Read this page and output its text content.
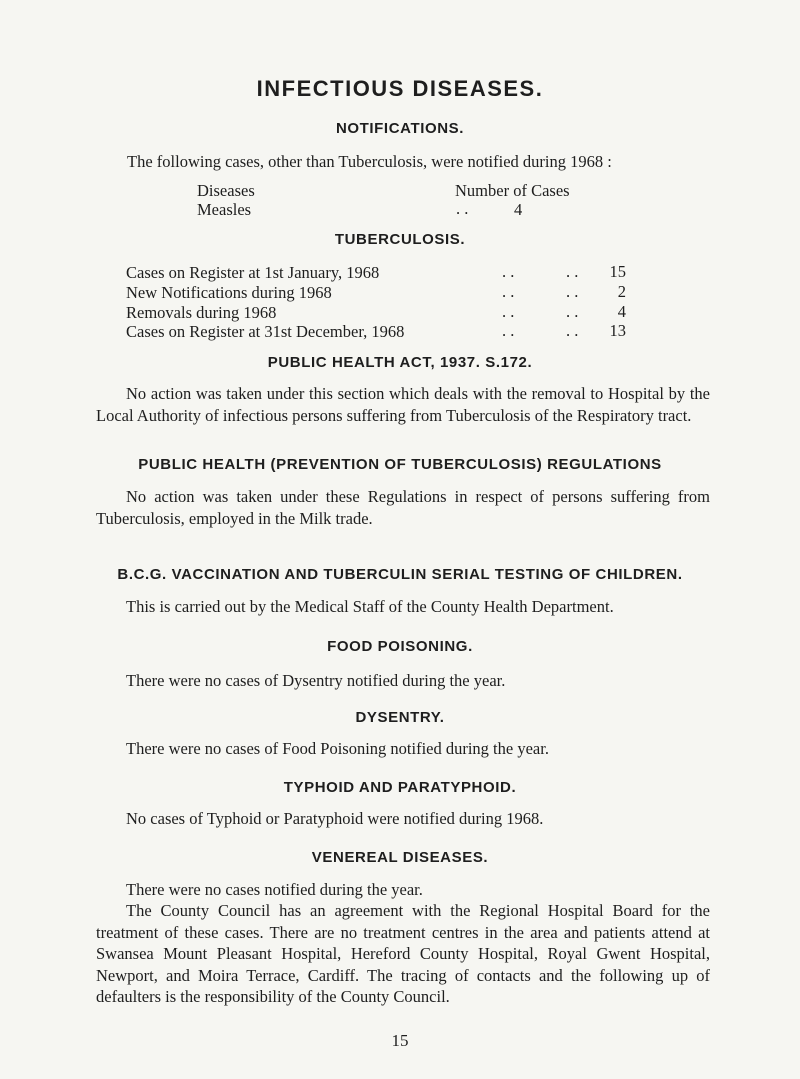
INFECTIOUS DISEASES.
NOTIFICATIONS.
The following cases, other than Tuberculosis, were notified during 1968 :
Diseases	Number of Cases
Measles	. .	4
TUBERCULOSIS.
Cases on Register at 1st January, 1968	. .	. .	15
New Notifications during 1968	. .	. .	2
Removals during 1968	. .	. .	4
Cases on Register at 31st December, 1968	. .	. .	13
PUBLIC HEALTH ACT, 1937. S.172.
No action was taken under this section which deals with the removal to Hospital by the Local Authority of infectious persons suffering from Tuberculosis of the Respiratory tract.
PUBLIC HEALTH (PREVENTION OF TUBERCULOSIS) REGULATIONS
No action was taken under these Regulations in respect of persons suffering from Tuberculosis, employed in the Milk trade.
B.C.G. VACCINATION AND TUBERCULIN SERIAL TESTING OF CHILDREN.
This is carried out by the Medical Staff of the County Health Department.
FOOD POISONING.
There were no cases of Dysentry notified during the year.
DYSENTRY.
There were no cases of Food Poisoning notified during the year.
TYPHOID AND PARATYPHOID.
No cases of Typhoid or Paratyphoid were notified during 1968.
VENEREAL DISEASES.
There were no cases notified during the year.
The County Council has an agreement with the Regional Hospital Board for the treatment of these cases. There are no treatment centres in the area and patients attend at Swansea Mount Pleasant Hospital, Hereford County Hospital, Royal Gwent Hospital, Newport, and Moira Terrace, Cardiff. The tracing of contacts and the following up of defaulters is the responsibility of the County Council.
15
